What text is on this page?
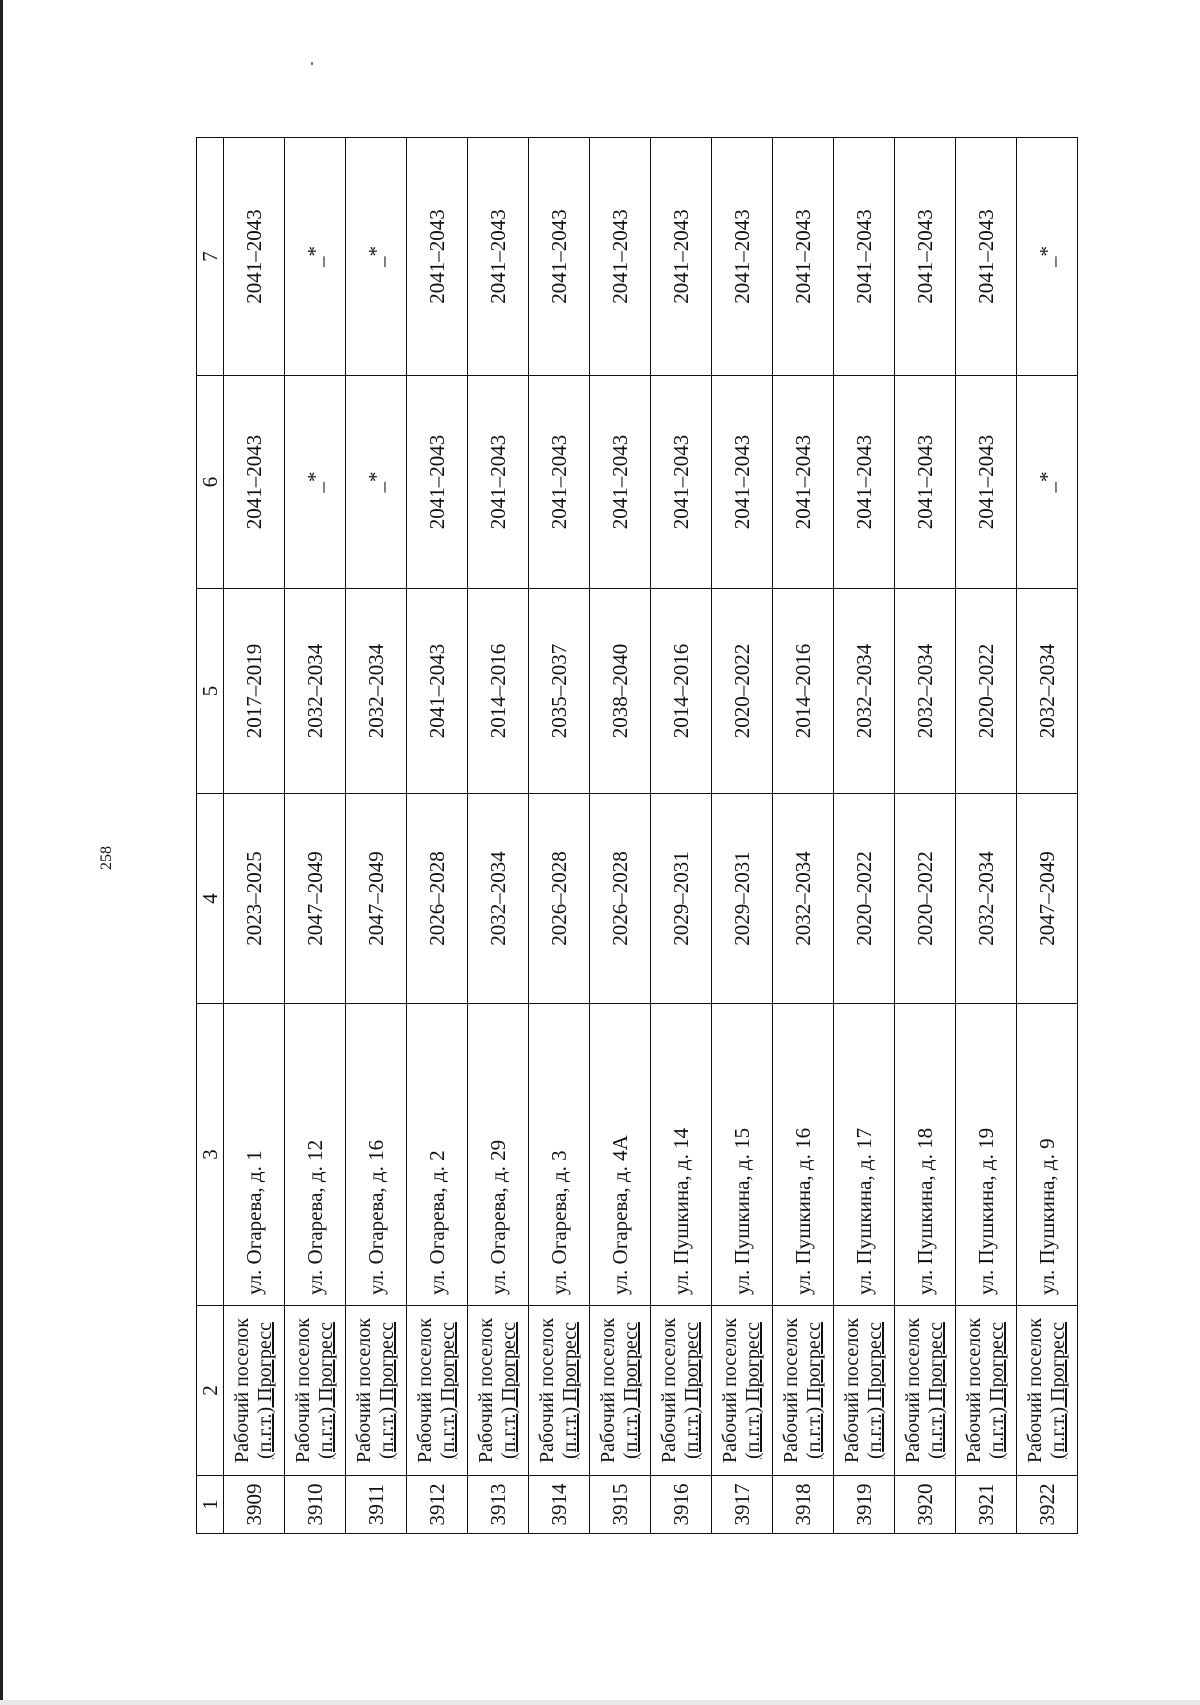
258
1	2	3	4	5	6	7
3909	Рабочий поселок (п.г.т.) Прогресс	ул. Огарева, д. 1	2023–2025	2017–2019	2041–2043	2041–2043
3910	Рабочий поселок (п.г.т.) Прогресс	ул. Огарева, д. 12	2047–2049	2032–2034	_*	_*
3911	Рабочий поселок (п.г.т.) Прогресс	ул. Огарева, д. 16	2047–2049	2032–2034	_*	_*
3912	Рабочий поселок (п.г.т.) Прогресс	ул. Огарева, д. 2	2026–2028	2041–2043	2041–2043	2041–2043
3913	Рабочий поселок (п.г.т.) Прогресс	ул. Огарева, д. 29	2032–2034	2014–2016	2041–2043	2041–2043
3914	Рабочий поселок (п.г.т.) Прогресс	ул. Огарева, д. 3	2026–2028	2035–2037	2041–2043	2041–2043
3915	Рабочий поселок (п.г.т.) Прогресс	ул. Огарева, д. 4А	2026–2028	2038–2040	2041–2043	2041–2043
3916	Рабочий поселок (п.г.т.) Прогресс	ул. Пушкина, д. 14	2029–2031	2014–2016	2041–2043	2041–2043
3917	Рабочий поселок (п.г.т.) Прогресс	ул. Пушкина, д. 15	2029–2031	2020–2022	2041–2043	2041–2043
3918	Рабочий поселок (п.г.т.) Прогресс	ул. Пушкина, д. 16	2032–2034	2014–2016	2041–2043	2041–2043
3919	Рабочий поселок (п.г.т.) Прогресс	ул. Пушкина, д. 17	2020–2022	2032–2034	2041–2043	2041–2043
3920	Рабочий поселок (п.г.т.) Прогресс	ул. Пушкина, д. 18	2020–2022	2032–2034	2041–2043	2041–2043
3921	Рабочий поселок (п.г.т.) Прогресс	ул. Пушкина, д. 19	2032–2034	2020–2022	2041–2043	2041–2043
3922	Рабочий поселок (п.г.т.) Прогресс	ул. Пушкина, д. 9	2047–2049	2032–2034	_*	_*
